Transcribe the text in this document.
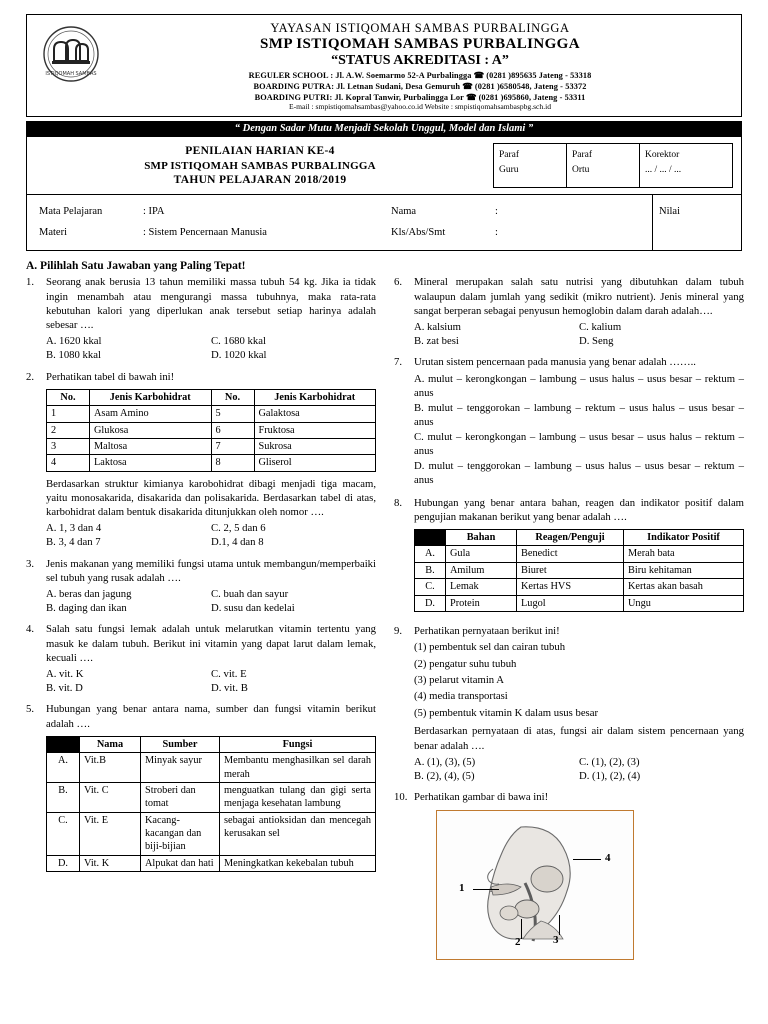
ISTIQOMAH SAMBAS
YAYASAN ISTIQOMAH SAMBAS PURBALINGGA
SMP ISTIQOMAH SAMBAS PURBALINGGA
“STATUS AKREDITASI : A”
REGULER SCHOOL : Jl. A.W. Soemarmo 52-A Purbalingga ☎ (0281 )895635 Jateng - 53318
BOARDING PUTRA: Jl. Letnan Sudani, Desa Gemuruh ☎ (0281 )6580548, Jateng - 53372
BOARDING PUTRI: Jl. Kopral Tanwir, Purbalingga Lor ☎ (0281 )695860, Jateng - 53311
E-mail : smpistiqomahsambas@yahoo.co.id Website : smpistiqomahsambaspbg.sch.id
“ Dengan Sadar Mutu Menjadi Sekolah Unggul, Model dan Islami ”
PENILAIAN HARIAN KE-4
SMP ISTIQOMAH SAMBAS PURBALINGGA
TAHUN PELAJARAN 2018/2019
Paraf
Guru
Paraf
Ortu
Korektor
... / ... / ...
Mata Pelajaran	: IPA
Materi	: Sistem Pencernaan Manusia
Nama	:
Kls/Abs/Smt	:
Nilai
A. Pilihlah Satu Jawaban yang Paling Tepat!
1.	Seorang anak berusia 13 tahun memiliki massa tubuh 54 kg. Jika ia tidak ingin menambah atau mengurangi massa tubuhnya, maka rata-rata kebutuhan kalori yang diperlukan anak tersebut setiap harinya adalah sebesar ….
A. 1620 kkal	C. 1680 kkal
B. 1080 kkal	D. 1020 kkal
2.	Perhatikan tabel di bawah ini!
No.	Jenis Karbohidrat	No.	Jenis Karbohidrat
1	Asam Amino	5	Galaktosa
2	Glukosa	6	Fruktosa
3	Maltosa	7	Sukrosa
4	Laktosa	8	Gliserol
Berdasarkan struktur kimianya karobohidrat dibagi menjadi tiga macam, yaitu monosakarida, disakarida dan polisakarida. Berdasarkan tabel di atas, karbohidrat dalam bentuk disakarida ditunjukkan oleh nomor ….
A. 1, 3 dan 4	C. 2, 5 dan 6
B. 3, 4 dan 7	D.1, 4 dan 8
3.	Jenis makanan yang memiliki fungsi utama untuk membangun/memperbaiki sel tubuh yang rusak adalah ….
A. beras dan jagung	C. buah dan sayur
B. daging dan ikan	D. susu dan kedelai
4.	Salah satu fungsi lemak adalah untuk melarutkan vitamin tertentu yang masuk ke dalam tubuh. Berikut ini vitamin yang dapat larut dalam lemak, kecuali ….
A. vit. K	C. vit. E
B. vit. D	D. vit. B
5.	Hubungan yang benar antara nama, sumber dan fungsi vitamin berikut adalah ….
	Nama	Sumber	Fungsi
A.	Vit.B	Minyak sayur	Membantu menghasilkan sel darah merah
B.	Vit. C	Stroberi dan tomat	menguatkan tulang dan gigi serta menjaga kesehatan lambung
C.	Vit. E	Kacang-kacangan dan biji-bijian	sebagai antioksidan dan mencegah kerusakan sel
D.	Vit. K	Alpukat dan hati	Meningkatkan kekebalan tubuh
6.	Mineral merupakan salah satu nutrisi yang dibutuhkan dalam tubuh walaupun dalam jumlah yang sedikit (mikro nutrient). Jenis mineral yang sangat berperan sebagai penyusun hemoglobin dalam darah adalah….
A. kalsium	C. kalium
B. zat besi	D. Seng
7.	Urutan sistem pencernaan pada manusia yang benar adalah ……..
A. mulut – kerongkongan – lambung – usus halus – usus besar – rektum – anus
B. mulut – tenggorokan – lambung – rektum – usus halus – usus besar – anus
C. mulut – kerongkongan – lambung – usus besar – usus halus – rektum – anus
D. mulut – tenggorokan – lambung – usus halus – usus besar – rektum – anus
8.	Hubungan yang benar antara bahan, reagen dan indikator positif dalam pengujian makanan berikut yang benar adalah ….
	Bahan	Reagen/Penguji	Indikator Positif
A.	Gula	Benedict	Merah bata
B.	Amilum	Biuret	Biru kehitaman
C.	Lemak	Kertas HVS	Kertas akan basah
D.	Protein	Lugol	Ungu
9.	Perhatikan pernyataan berikut ini!
(1) pembentuk sel dan cairan tubuh
(2) pengatur suhu tubuh
(3) pelarut vitamin A
(4) media transportasi
(5) pembentuk vitamin K dalam usus besar
Berdasarkan pernyataan di atas, fungsi air dalam sistem pencernaan yang benar adalah ….
A. (1), (3), (5)	C. (1), (2), (3)
B. (2), (4), (5)	D. (1), (2), (4)
10. Perhatikan gambar di bawa ini!
1
2	3
4
